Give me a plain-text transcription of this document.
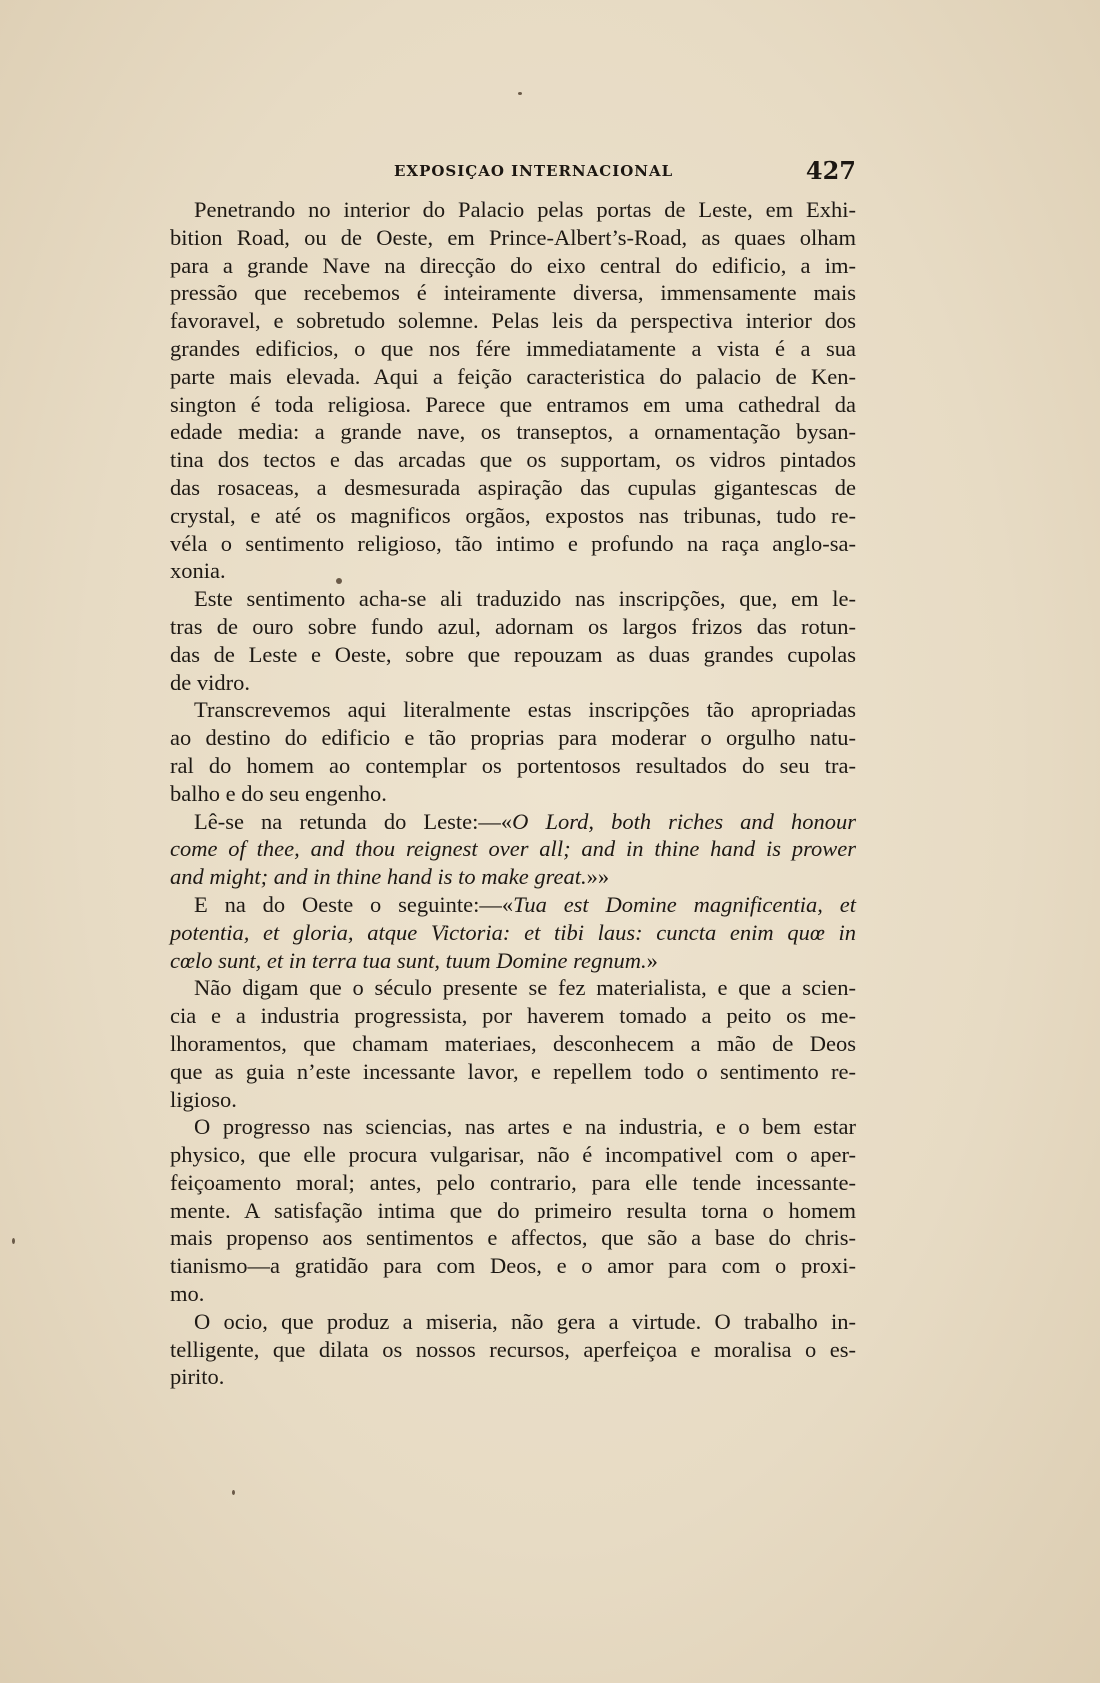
EXPOSIÇAO INTERNACIONAL	427
Penetrando no interior do Palacio pelas portas de Leste, em Exhi-
bition Road, ou de Oeste, em Prince-Albert’s-Road, as quaes olham
para a grande Nave na direcção do eixo central do edificio, a im-
pressão que recebemos é inteiramente diversa, immensamente mais
favoravel, e sobretudo solemne. Pelas leis da perspectiva interior dos
grandes edificios, o que nos fére immediatamente a vista é a sua
parte mais elevada. Aqui a feição caracteristica do palacio de Ken-
sington é toda religiosa. Parece que entramos em uma cathedral da
edade media: a grande nave, os transeptos, a ornamentação bysan-
tina dos tectos e das arcadas que os supportam, os vidros pintados
das rosaceas, a desmesurada aspiração das cupulas gigantescas de
crystal, e até os magnificos orgãos, expostos nas tribunas, tudo re-
véla o sentimento religioso, tão intimo e profundo na raça anglo-sa-
xonia.
Este sentimento acha-se ali traduzido nas inscripções, que, em le-
tras de ouro sobre fundo azul, adornam os largos frizos das rotun-
das de Leste e Oeste, sobre que repouzam as duas grandes cupolas
de vidro.
Transcrevemos aqui literalmente estas inscripções tão apropriadas
ao destino do edificio e tão proprias para moderar o orgulho natu-
ral do homem ao contemplar os portentosos resultados do seu tra-
balho e do seu engenho.
Lê-se na retunda do Leste:—«O Lord, both riches and honour
come of thee, and thou reignest over all; and in thine hand is prower
and might; and in thine hand is to make great.»»
E na do Oeste o seguinte:—«Tua est Domine magnificentia, et
potentia, et gloria, atque Victoria: et tibi laus: cuncta enim quœ in
cœlo sunt, et in terra tua sunt, tuum Domine regnum.»
Não digam que o século presente se fez materialista, e que a scien-
cia e a industria progressista, por haverem tomado a peito os me-
lhoramentos, que chamam materiaes, desconhecem a mão de Deos
que as guia n’este incessante lavor, e repellem todo o sentimento re-
ligioso.
O progresso nas sciencias, nas artes e na industria, e o bem estar
physico, que elle procura vulgarisar, não é incompativel com o aper-
feiçoamento moral; antes, pelo contrario, para elle tende incessante-
mente. A satisfação intima que do primeiro resulta torna o homem
mais propenso aos sentimentos e affectos, que são a base do chris-
tianismo—a gratidão para com Deos, e o amor para com o proxi-
mo.
O ocio, que produz a miseria, não gera a virtude. O trabalho in-
telligente, que dilata os nossos recursos, aperfeiçoa e moralisa o es-
pirito.
